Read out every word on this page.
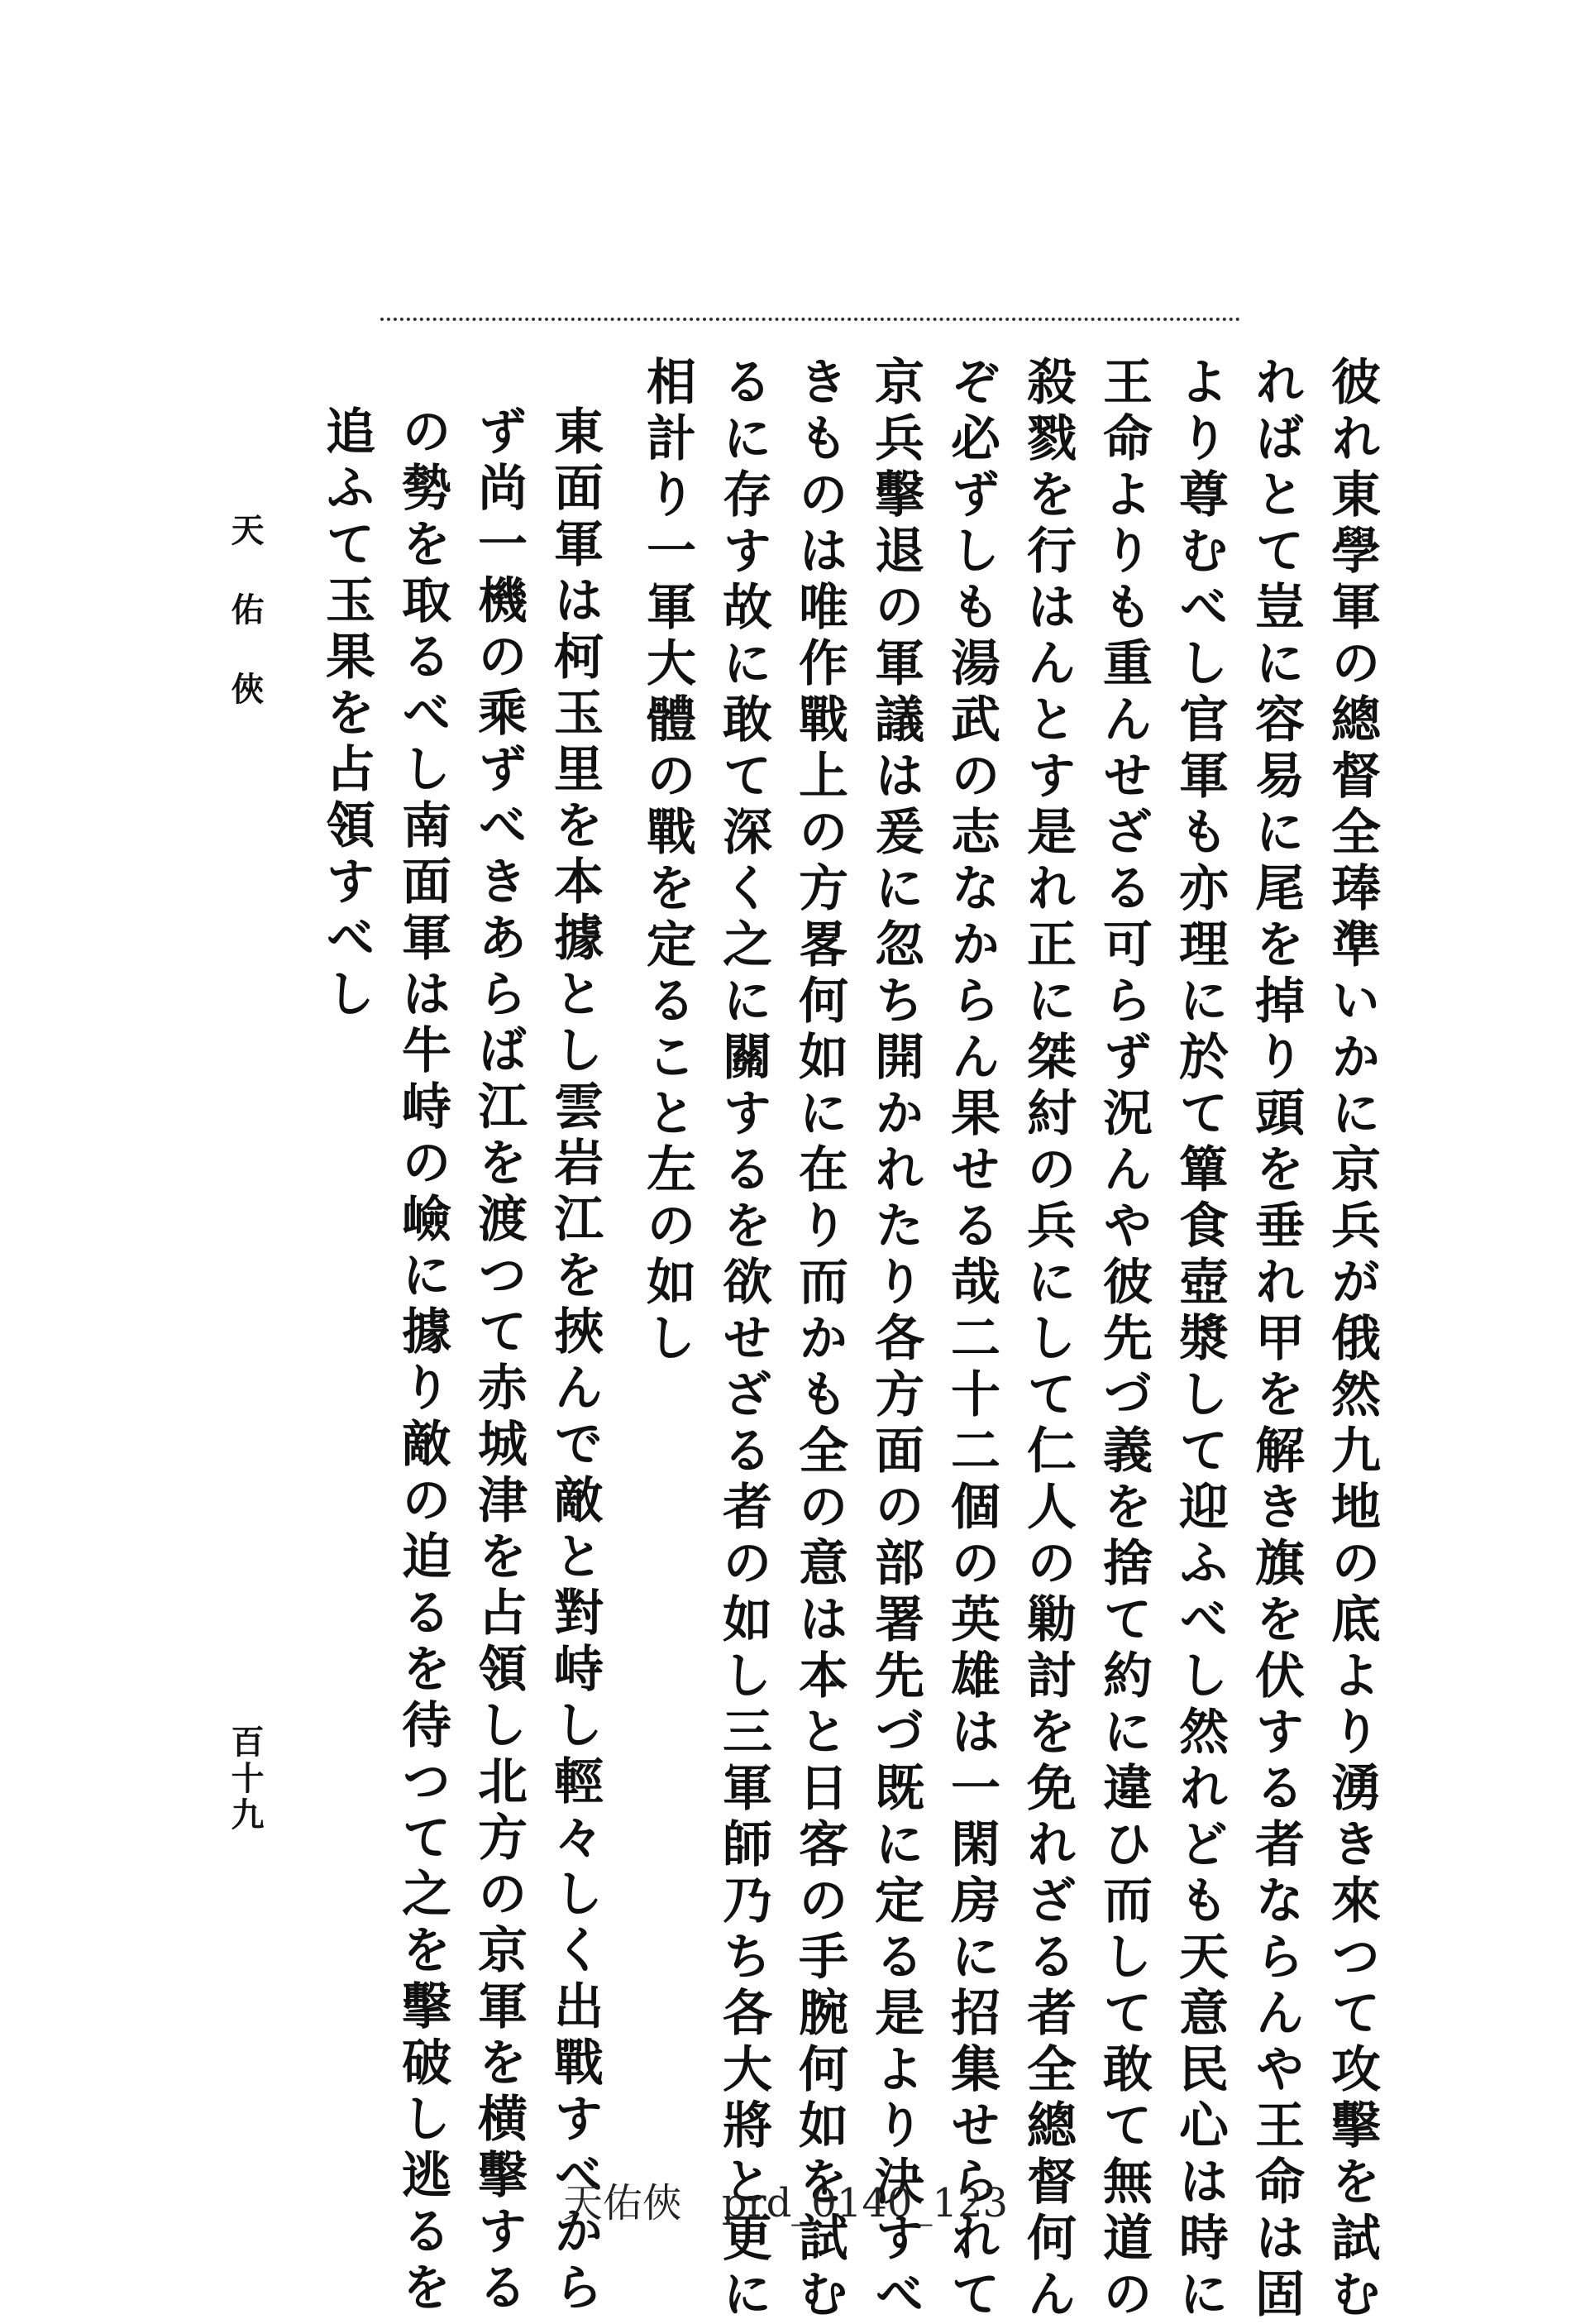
彼れ東學軍の總督全琫準いかに京兵が俄然九地の底より湧き來つて攻擊を試む
ればとて豈に容易に尾を掉り頭を垂れ甲を解き旗を伏する者ならんや王命は固
より尊むべし官軍も亦理に於て簞食壺漿して迎ふべし然れども天意民心は時に
王命よりも重んせざる可らず況んや彼先づ義を捨て約に違ひ而して敢て無道の
殺戮を行はんとす是れ正に桀紂の兵にして仁人の勦討を免れざる者全總督何ん
ぞ必ずしも湯武の志なからん果せる哉二十二個の英雄は一閑房に招集せられて
京兵擊退の軍議は爰に忽ち開かれたり各方面の部署先づ既に定る是より決すべ
きものは唯作戰上の方畧何如に在り而かも全の意は本と日客の手腕何如を試む
るに存す故に敢て深く之に關するを欲せざる者の如し三軍師乃ち各大將と更に
相計り一軍大體の戰を定ること左の如し
東面軍は柯玉里を本據とし雲岩江を挾んで敵と對峙し輕々しく出戰すべから
ず尚一機の乘ずべきあらば江を渡つて赤城津を占領し北方の京軍を横擊する
の勢を取るべし南面軍は牛峙の嶮に據り敵の迫るを待つて之を擊破し逃るを
追ふて玉果を占領すべし
天佑俠
百十九
天佑俠　prd_0140_123
